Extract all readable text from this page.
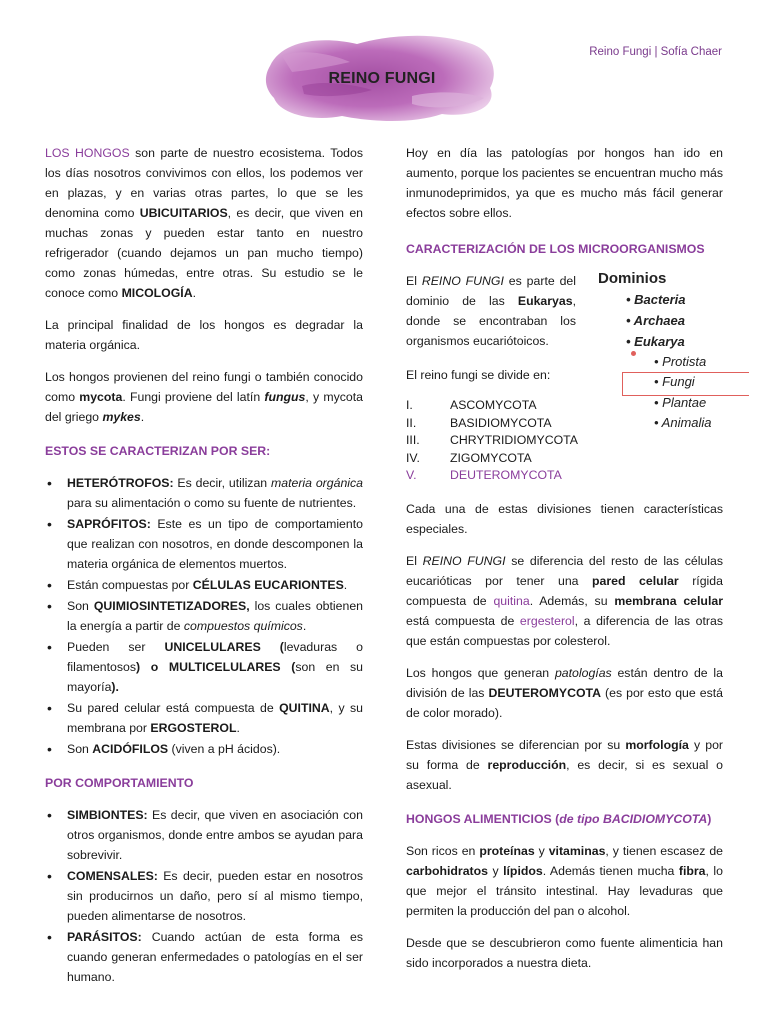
Reino Fungi | Sofía Chaer
REINO FUNGI

LOS HONGOS son parte de nuestro ecosistema. Todos los días nosotros convivimos con ellos, los podemos ver en plazas, y en varias otras partes, lo que se les denomina como UBICUITARIOS, es decir, que viven en muchas zonas y pueden estar tanto en nuestro refrigerador (cuando dejamos un pan mucho tiempo) como zonas húmedas, entre otras. Su estudio se le conoce como MICOLOGÍA.

La principal finalidad de los hongos es degradar la materia orgánica.

Los hongos provienen del reino fungi o también conocido como mycota. Fungi proviene del latín fungus, y mycota del griego mykes.

ESTOS SE CARACTERIZAN POR SER:
• HETERÓTROFOS: Es decir, utilizan materia orgánica para su alimentación o como su fuente de nutrientes.
• SAPRÓFITOS: Este es un tipo de comportamiento que realizan con nosotros, en donde descomponen la materia orgánica de elementos muertos.
• Están compuestas por CÉLULAS EUCARIONTES.
• Son QUIMIOSINTETIZADORES, los cuales obtienen la energía a partir de compuestos químicos.
• Pueden ser UNICELULARES (levaduras o filamentosos) o MULTICELULARES (son en su mayoría).
• Su pared celular está compuesta de QUITINA, y su membrana por ERGOSTEROL.
• Son ACIDÓFILOS (viven a pH ácidos).
POR COMPORTAMIENTO
• SIMBIONTES: Es decir, que viven en asociación con otros organismos, donde entre ambos se ayudan para sobrevivir.
• COMENSALES: Es decir, pueden estar en nosotros sin producirnos un daño, pero sí al mismo tiempo, pueden alimentarse de nosotros.
• PARÁSITOS: Cuando actúan de esta forma es cuando generan enfermedades o patologías en el ser humano.

Hoy en día las patologías por hongos han ido en aumento, porque los pacientes se encuentran mucho más inmunodeprimidos, ya que es mucho más fácil generar efectos sobre ellos.

CARACTERIZACIÓN DE LOS MICROORGANISMOS

El REINO FUNGI es parte del dominio de las Eukaryas, donde se encontraban los organismos eucariótoicos.

El reino fungi se divide en:

I.	ASCOMYCOTA
II.	BASIDIOMYCOTA
III.	CHRYTRIDIOMYCOTA
IV.	ZIGOMYCOTA
V.	DEUTEROMYCOTA

Cada una de estas divisiones tienen características especiales.

El REINO FUNGI se diferencia del resto de las células eucarióticas por tener una pared celular rígida compuesta de quitina. Además, su membrana celular está compuesta de ergesterol, a diferencia de las otras que están compuestas por colesterol.

Los hongos que generan patologías están dentro de la división de las DEUTEROMYCOTA (es por esto que está de color morado).

Estas divisiones se diferencian por su morfología y por su forma de reproducción, es decir, si es sexual o asexual.

HONGOS ALIMENTICIOS (de tipo BACIDIOMYCOTA)

Son ricos en proteínas y vitaminas, y tienen escasez de carbohidratos y lípidos. Además tienen mucha fibra, lo que mejor el tránsito intestinal. Hay levaduras que permiten la producción del pan o alcohol.

Desde que se descubrieron como fuente alimenticia han sido incorporados a nuestra dieta.

Dominios
• Bacteria
• Archaea
• Eukarya
• Protista
• Fungi
• Plantae
• Animalia
